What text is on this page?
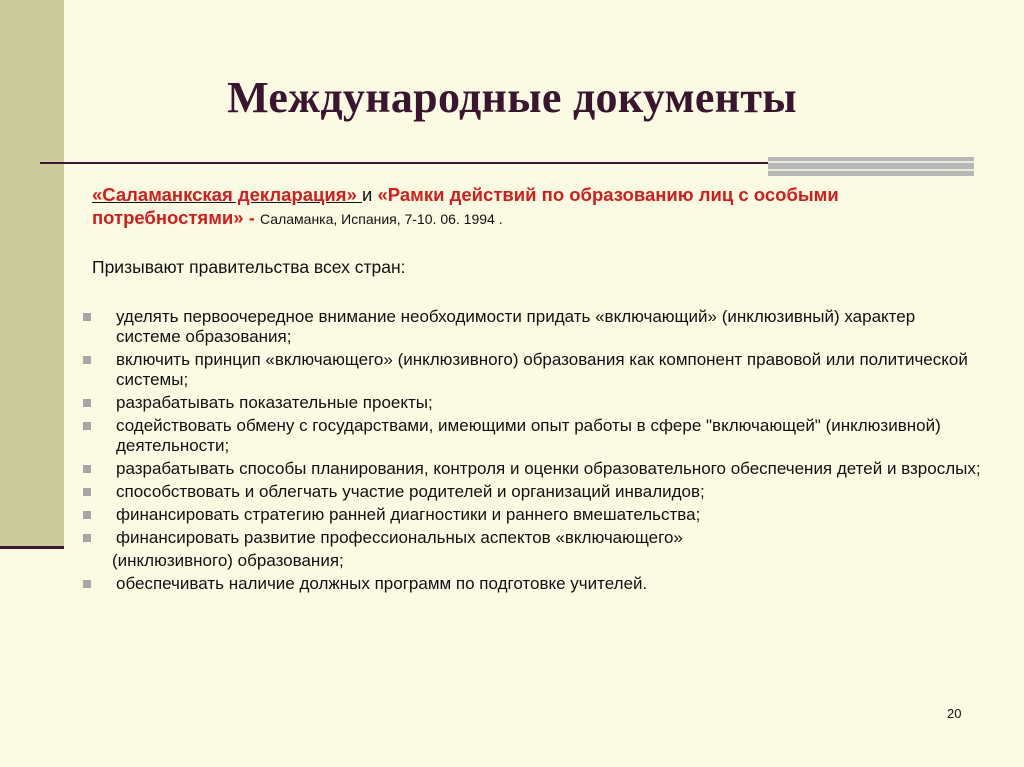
Международные документы
«Саламанкская декларация» и «Рамки действий по образованию лиц с особыми потребностями» - Саламанка, Испания, 7-10. 06. 1994 .
Призывают правительства всех стран:
уделять первоочередное внимание необходимости придать «включающий» (инклюзивный) характер системе образования;
включить принцип «включающего» (инклюзивного) образования как компонент правовой или политической системы;
разрабатывать показательные проекты;
содействовать обмену с государствами, имеющими опыт работы в сфере "включающей" (инклюзивной) деятельности;
разрабатывать способы планирования, контроля и оценки образовательного обеспечения детей и взрослых;
способствовать и облегчать участие родителей и организаций инвалидов;
финансировать стратегию ранней диагностики и раннего вмешательства;
финансировать развитие профессиональных аспектов «включающего»
(инклюзивного) образования;
обеспечивать наличие должных программ по подготовке учителей.
20
